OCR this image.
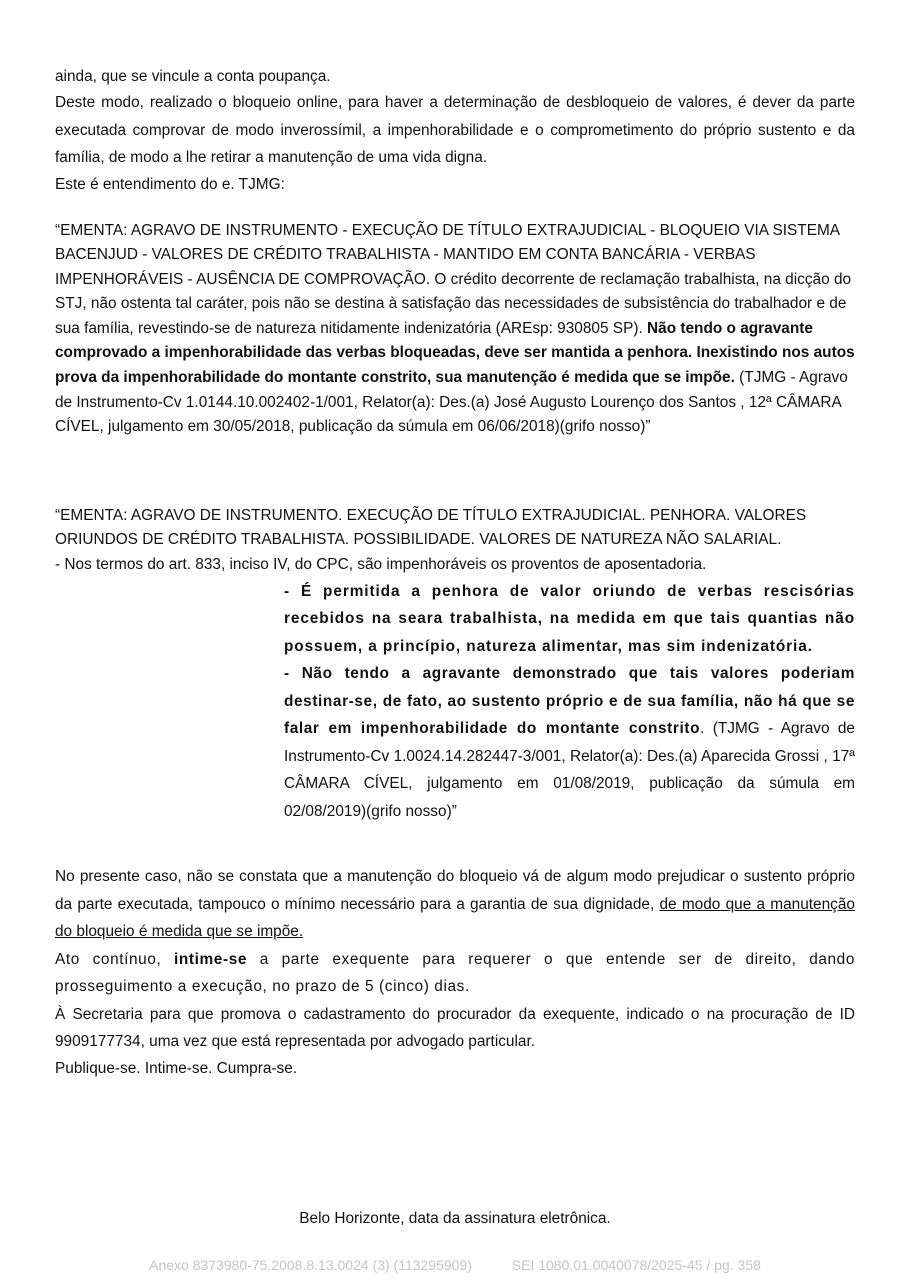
ainda, que se vincule a conta poupança.

Deste modo, realizado o bloqueio online, para haver a determinação de desbloqueio de valores, é dever da parte executada comprovar de modo inverossímil, a impenhorabilidade e o comprometimento do próprio sustento e da família, de modo a lhe retirar a manutenção de uma vida digna.

Este é entendimento do e. TJMG:

“EMENTA: AGRAVO DE INSTRUMENTO - EXECUÇÃO DE TÍTULO EXTRAJUDICIAL - BLOQUEIO VIA SISTEMA BACENJUD - VALORES DE CRÉDITO TRABALHISTA - MANTIDO EM CONTA BANCÁRIA - VERBAS IMPENHORÁVEIS - AUSÊNCIA DE COMPROVAÇÃO. O crédito decorrente de reclamação trabalhista, na dicção do STJ, não ostenta tal caráter, pois não se destina à satisfação das necessidades de subsistência do trabalhador e de sua família, revestindo-se de natureza nitidamente indenizatória (AREsp: 930805 SP). Não tendo o agravante comprovado a impenhorabilidade das verbas bloqueadas, deve ser mantida a penhora. Inexistindo nos autos prova da impenhorabilidade do montante constrito, sua manutenção é medida que se impõe. (TJMG - Agravo de Instrumento-Cv 1.0144.10.002402-1/001, Relator(a): Des.(a) José Augusto Lourenço dos Santos , 12ª CÂMARA CÍVEL, julgamento em 30/05/2018, publicação da súmula em 06/06/2018)(grifo nosso)”

“EMENTA: AGRAVO DE INSTRUMENTO. EXECUÇÃO DE TÍTULO EXTRAJUDICIAL. PENHORA. VALORES ORIUNDOS DE CRÉDITO TRABALHISTA. POSSIBILIDADE. VALORES DE NATUREZA NÃO SALARIAL.

- Nos termos do art. 833, inciso IV, do CPC, são impenhoráveis os proventos de aposentadoria.

- É permitida a penhora de valor oriundo de verbas rescisórias recebidos na seara trabalhista, na medida em que tais quantias não possuem, a princípio, natureza alimentar, mas sim indenizatória.

- Não tendo a agravante demonstrado que tais valores poderiam destinar-se, de fato, ao sustento próprio e de sua família, não há que se falar em impenhorabilidade do montante constrito. (TJMG - Agravo de Instrumento-Cv 1.0024.14.282447-3/001, Relator(a): Des.(a) Aparecida Grossi , 17ª CÂMARA CÍVEL, julgamento em 01/08/2019, publicação da súmula em 02/08/2019)(grifo nosso)”

No presente caso, não se constata que a manutenção do bloqueio vá de algum modo prejudicar o sustento próprio da parte executada, tampouco o mínimo necessário para a garantia de sua dignidade, de modo que a manutenção do bloqueio é medida que se impõe.

Ato contínuo, intime-se a parte exequente para requerer o que entende ser de direito, dando prosseguimento a execução, no prazo de 5 (cinco) dias.

À Secretaria para que promova o cadastramento do procurador da exequente, indicado o na procuração de ID 9909177734, uma vez que está representada por advogado particular.

Publique-se. Intime-se. Cumpra-se.

Belo Horizonte, data da assinatura eletrônica.
Anexo 8373980-75.2008.8.13.0024 (3) (113295909)	SEI 1080.01.0040078/2025-45 / pg. 358
